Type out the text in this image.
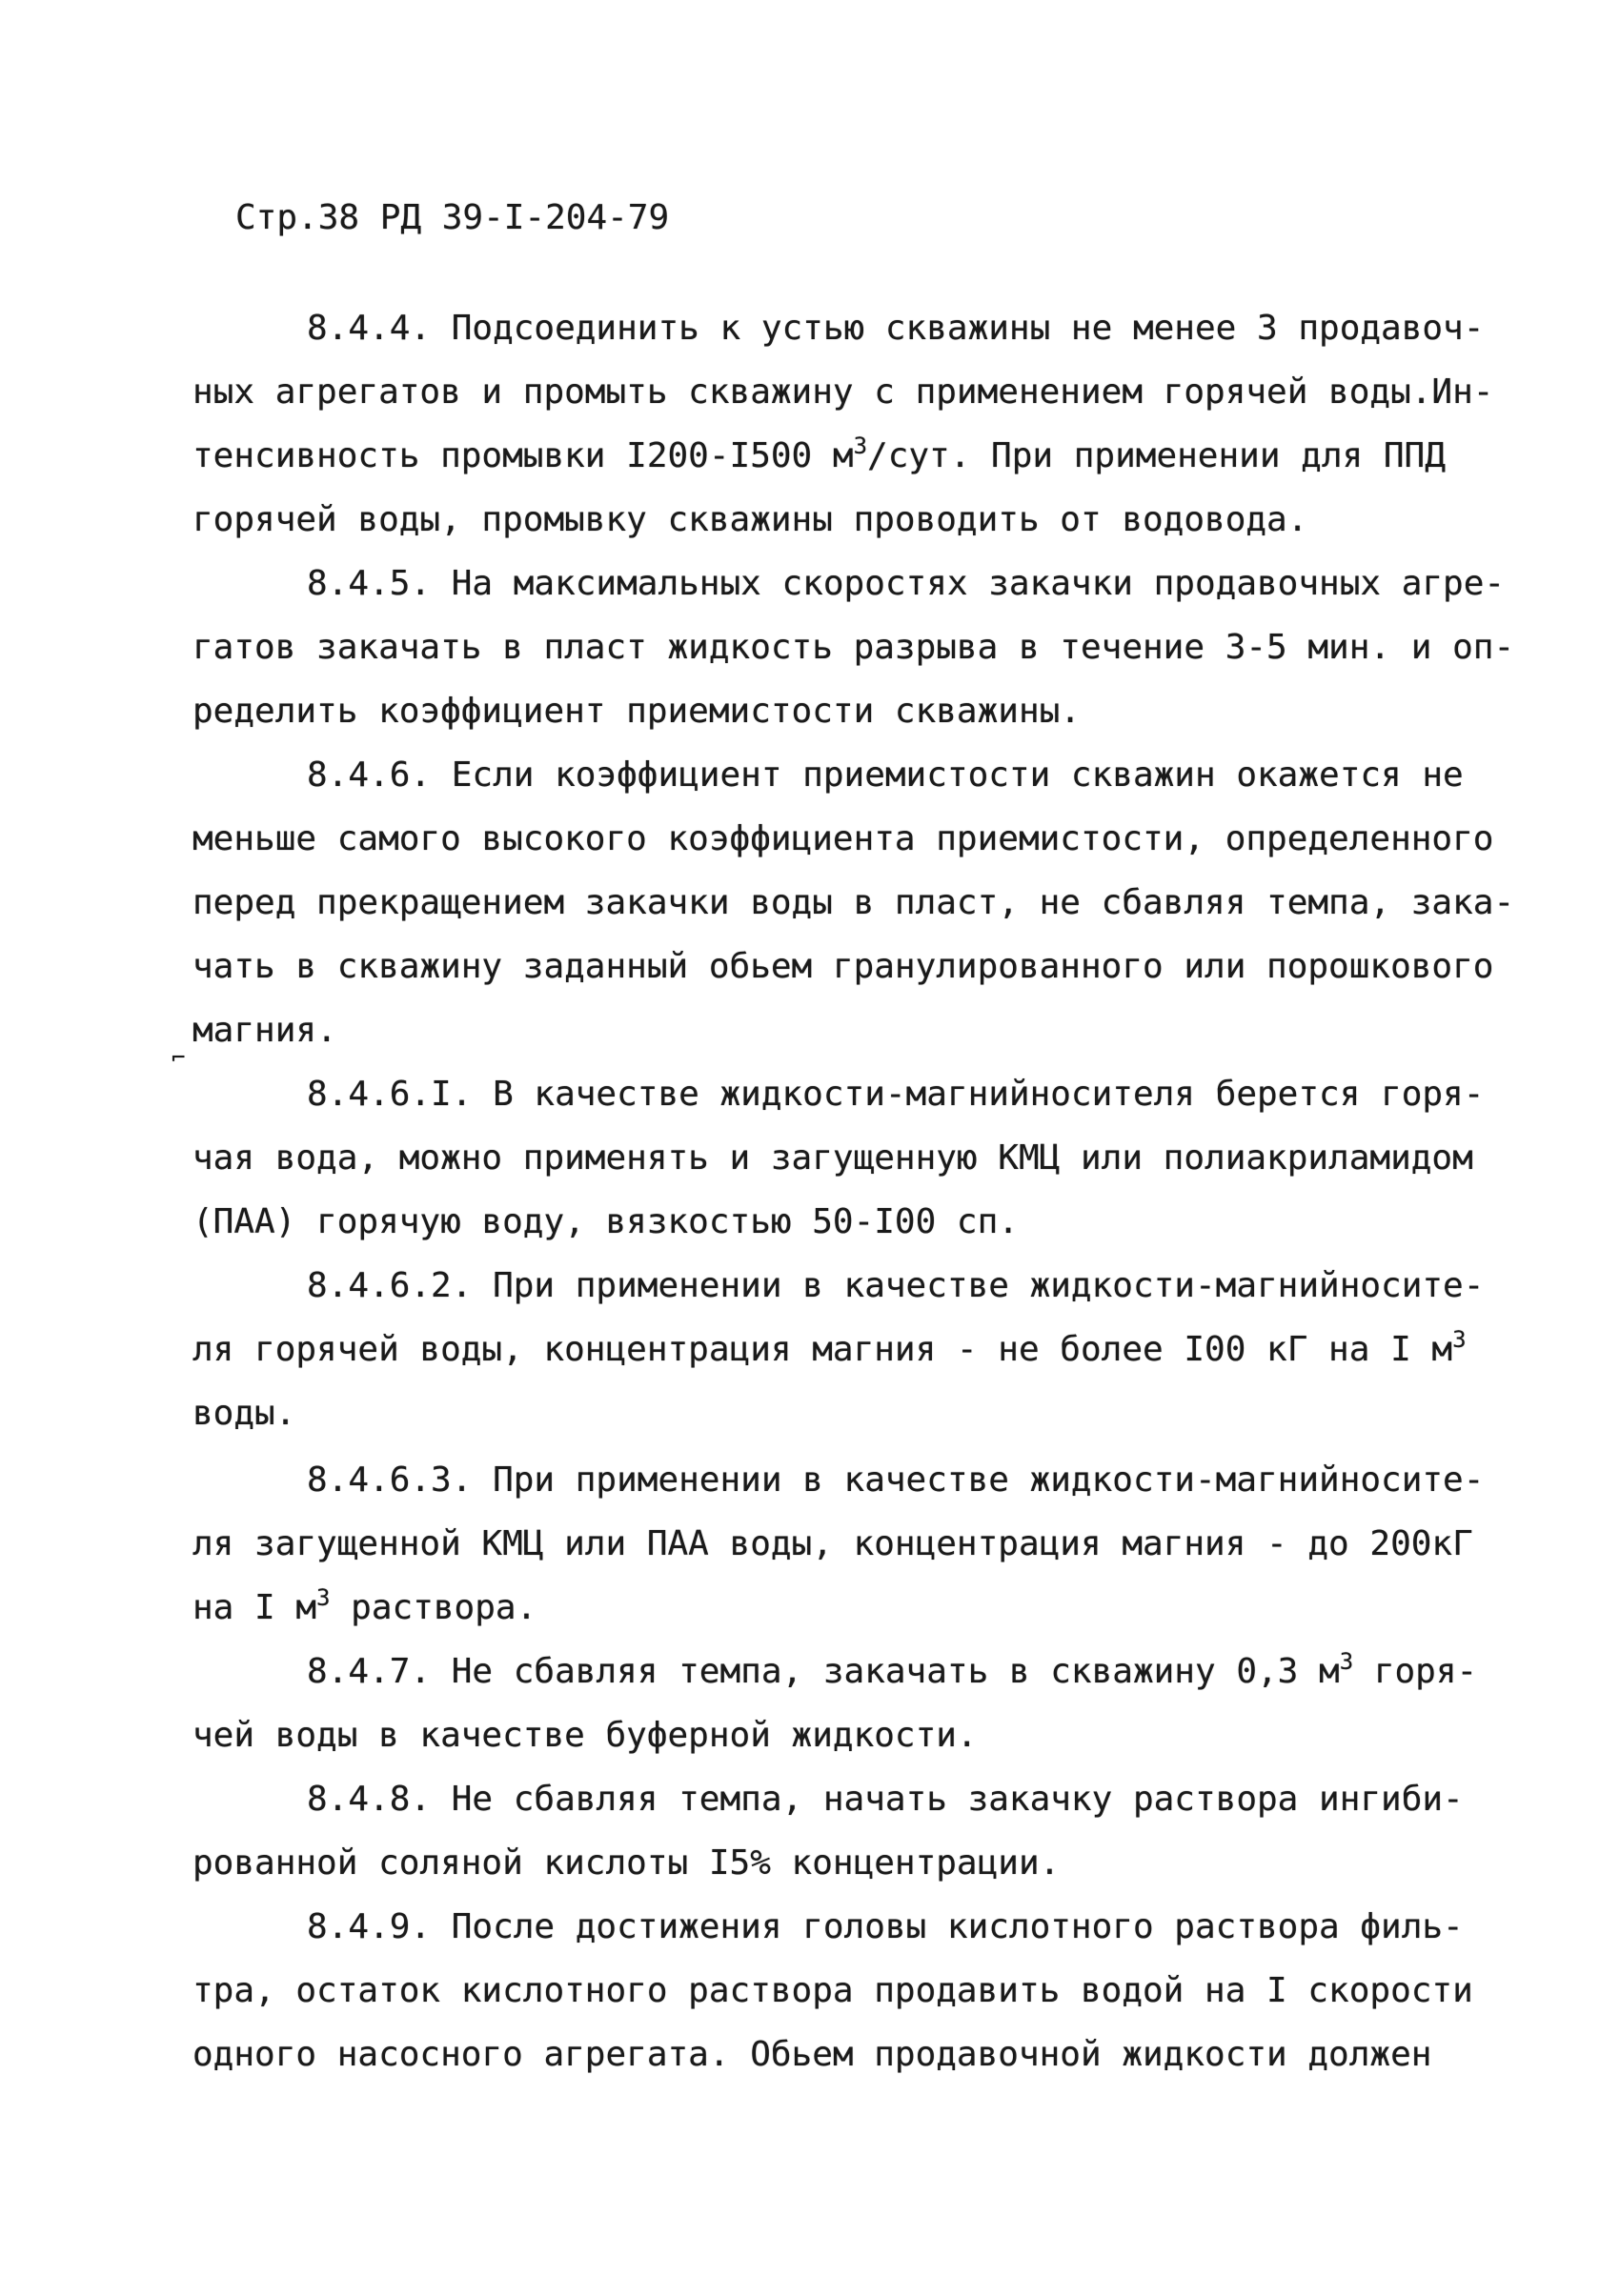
Стр.38 РД 39-I-204-79
⌐

8.4.4. Подсоединить к устью скважины не менее 3 продавоч-

ных агрегатов и промыть скважину с применением горячей воды.Ин-

тенсивность промывки I200-I500 $м^3$/сут. При применении для ППД

горячей воды, промывку скважины проводить от водовода.

8.4.5. На максимальных скоростях закачки продавочных агре-

гатов закачать в пласт жидкость разрыва в течение 3-5 мин. и оп-

ределить коэффициент приемистости скважины.

8.4.6. Если коэффициент приемистости скважин окажется не

меньше самого высокого коэффициента приемистости, определенного

перед прекращением закачки воды в пласт, не сбавляя темпа, зака-

чать в скважину заданный обьем гранулированного или порошкового

магния.

8.4.6.I. В качестве жидкости-магнийносителя берется горя-

чая вода, можно применять и загущенную КМЦ или полиакриламидом

(ПАА) горячую воду, вязкостью 50-I00 сп.

8.4.6.2. При применении в качестве жидкости-магнийносите-

ля горячей воды, концентрация магния - не более I00 кГ на I $м^3$

воды.

8.4.6.3. При применении в качестве жидкости-магнийносите-

ля загущенной КМЦ или ПАА воды, концентрация магния - до 200кГ

на I $м^3$ раствора.

8.4.7. Не сбавляя темпа, закачать в скважину 0,3 $м^3$ горя-

чей воды в качестве буферной жидкости.

8.4.8. Не сбавляя темпа, начать закачку раствора ингиби-

рованной соляной кислоты I5% концентрации.

8.4.9. После достижения головы кислотного раствора филь-

тра, остаток кислотного раствора продавить водой на I скорости

одного насосного агрегата. Обьем продавочной жидкости должен
